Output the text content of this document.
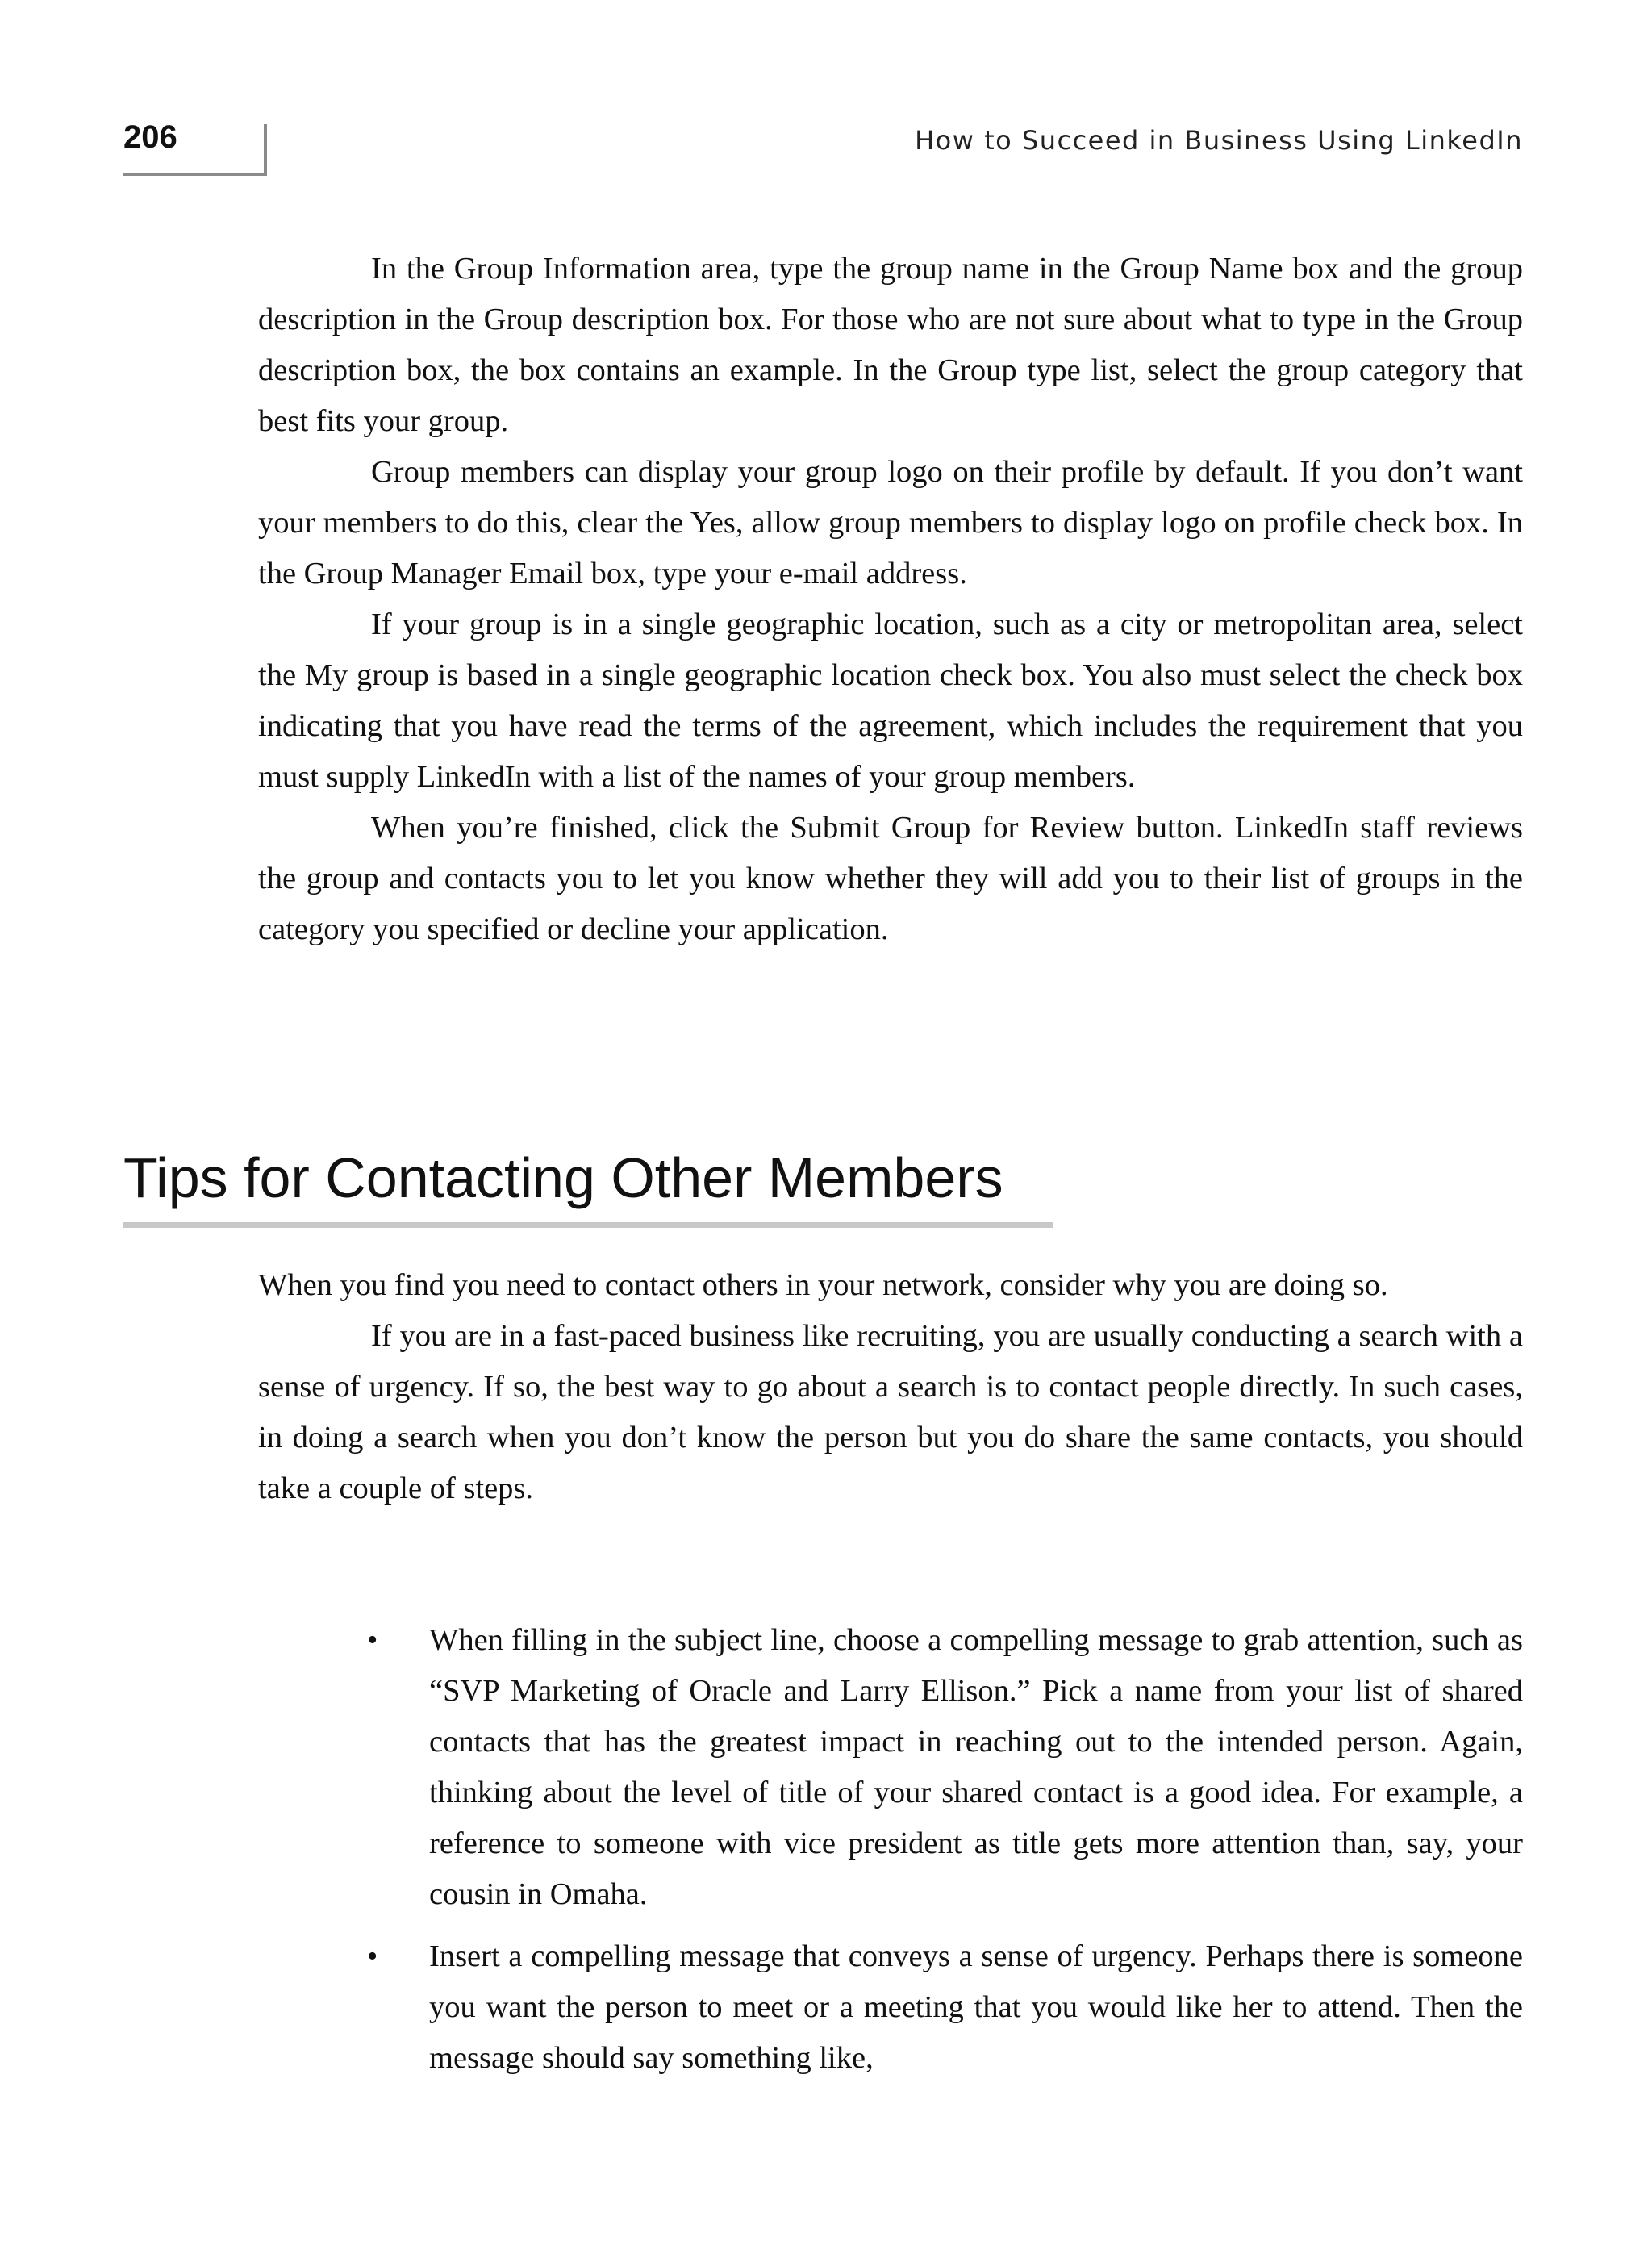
206	How to Succeed in Business Using LinkedIn

In the Group Information area, type the group name in the Group Name box and the group description in the Group description box. For those who are not sure about what to type in the Group description box, the box contains an example. In the Group type list, select the group category that best fits your group.

Group members can display your group logo on their profile by default. If you don’t want your members to do this, clear the Yes, allow group members to display logo on profile check box. In the Group Manager Email box, type your e-mail address.

If your group is in a single geographic location, such as a city or metropolitan area, select the My group is based in a single geographic location check box. You also must select the check box indicating that you have read the terms of the agreement, which includes the requirement that you must supply LinkedIn with a list of the names of your group members.

When you’re finished, click the Submit Group for Review button. LinkedIn staff reviews the group and contacts you to let you know whether they will add you to their list of groups in the category you specified or decline your application.

Tips for Contacting Other Members

When you find you need to contact others in your network, consider why you are doing so.

If you are in a fast-paced business like recruiting, you are usually conducting a search with a sense of urgency. If so, the best way to go about a search is to contact people directly. In such cases, in doing a search when you don’t know the person but you do share the same contacts, you should take a couple of steps.

• When filling in the subject line, choose a compelling message to grab attention, such as “SVP Marketing of Oracle and Larry Ellison.” Pick a name from your list of shared contacts that has the greatest impact in reaching out to the intended person. Again, thinking about the level of title of your shared contact is a good idea. For example, a reference to someone with vice president as title gets more attention than, say, your cousin in Omaha.
• Insert a compelling message that conveys a sense of urgency. Perhaps there is someone you want the person to meet or a meeting that you would like her to attend. Then the message should say something like,
